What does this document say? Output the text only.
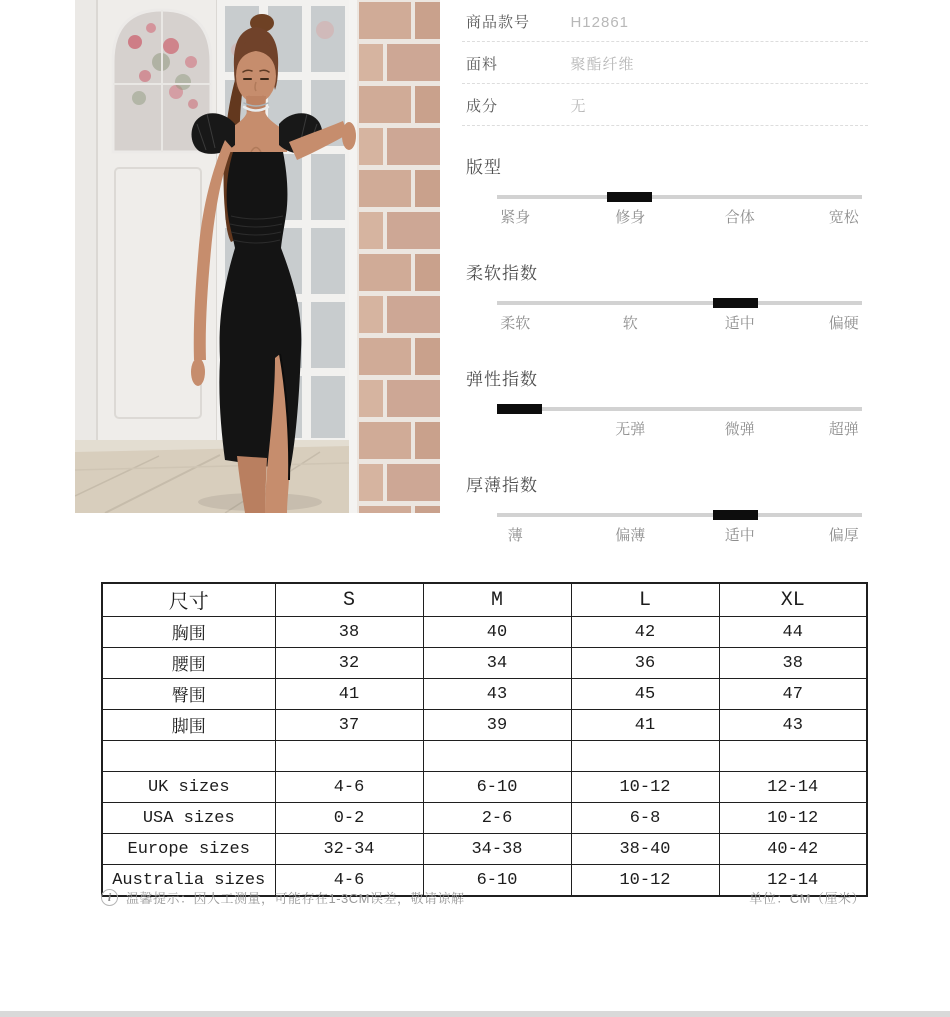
商品款号	H12861
面料	聚酯纤维
成分	无
版型
紧身	修身	合体	宽松
柔软指数
柔软	软	适中	偏硬
弹性指数
无弹	微弹	超弹
厚薄指数
薄	偏薄	适中	偏厚
尺寸	S	M	L	XL
胸围	38	40	42	44
腰围	32	34	36	38
臀围	41	43	45	47
脚围	37	39	41	43

UK sizes	4-6	6-10	10-12	12-14
USA sizes	0-2	2-6	6-8	10-12
Europe sizes	32-34	34-38	38-40	40-42
Australia sizes	4-6	6-10	10-12	12-14
i	温馨提示：因人工测量，可能存在1-3CM误差，敬请谅解	单位：CM（厘米）
